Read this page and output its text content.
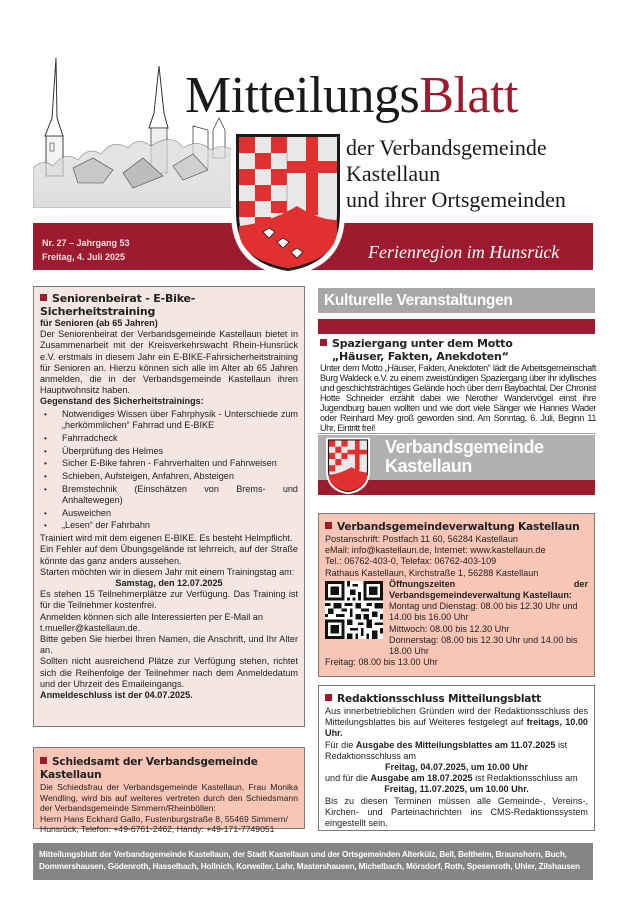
MitteilungsBlatt
der Verbandsgemeinde
Kastellaun
und ihrer Ortsgemeinden
Nr. 27 – Jahrgang 53
Freitag, 4. Juli 2025	Ferienregion im Hunsrück
Seniorenbeirat - E-Bike-Sicherheitstraining

für Senioren (ab 65 Jahren)

Der Seniorenbeirat der Verbandsgemeinde Kastellaun bietet in Zusammenarbeit mit der Kreisverkehrswacht Rhein-Hunsrück e.V. erstmals in diesem Jahr ein E-BIKE-Fahrsicherheitstraining für Senioren an. Hierzu können sich alle im Alter ab 65 Jahren anmelden, die in der Verbandsgemeinde Kastellaun ihren Hauptwohnsitz haben.

Gegenstand des Sicherheitstrainings:

• Notwendiges Wissen über Fahrphysik - Unterschiede zum „herkömmlichen“ Fahrrad und E-BIKE
• Fahrradcheck
• Überprüfung des Helmes
• Sicher E-Bike fahren - Fahrverhalten und Fahrweisen
• Schieben, Aufsteigen, Anfahren, Absteigen
• Bremstechnik (Einschätzen von Brems- und Anhaltewegen)
• Ausweichen
• „Lesen“ der Fahrbahn

Trainiert wird mit dem eigenen E-BIKE. Es besteht Helmpflicht.

Ein Fehler auf dem Übungsgelände ist lehrreich, auf der Straße könnte das ganz anders aussehen.

Starten möchten wir in diesem Jahr mit einem Trainingstag am:

Samstag, den 12.07.2025

Es stehen 15 Teilnehmerplätze zur Verfügung. Das Training ist für die Teilnehmer kostenfrei.

Anmelden können sich alle Interessierten per E-Mail an t.mueller@kastellaun.de.

Bitte geben Sie hierbei Ihren Namen, die Anschrift, und Ihr Alter an.

Sollten nicht ausreichend Plätze zur Verfügung stehen, richtet sich die Reihenfolge der Teilnehmer nach dem Anmeldedatum und der Uhrzeit des Emaileingangs.

Anmeldeschluss ist der 04.07.2025.

Schiedsamt der Verbandsgemeinde Kastellaun

Die Schiedsfrau der Verbandsgemeinde Kastellaun, Frau Monika Wendling, wird bis auf weiteres vertreten durch den Schiedsmann der Verbandsgemeinde Simmern/Rheinböllen:

Herrn Hans Eckhard Gallo, Fustenburgstraße 8, 55469 Simmern/ Hunsrück, Telefon: +49-6761-2462, Handy: +49-171-7749051

Verbandsgemeinde
Kastellaun
Kulturelle Veranstaltungen
Spaziergang unter dem Motto
„Häuser, Fakten, Anekdoten“

Unter dem Motto „Häuser, Fakten, Anekdoten“ lädt die Arbeitsgemeinschaft Burg Waldeck e.V. zu einem zweistündigen Spaziergang über ihr idyllisches und geschichtsträchtiges Gelände hoch über dem Baybachtal. Der Chronist Hotte Schneider erzählt dabei wie Nerother Wandervögel einst ihre Jugendburg bauen wollten und wie dort viele Sänger wie Hannes Wader oder Reinhard Mey groß geworden sind. Am Sonntag, 6. Juli, Beginn 11 Uhr, Eintritt frei!

Verbandsgemeindeverwaltung Kastellaun

Postanschrift: Postfach 11 60, 56284 Kastellaun

eMail: info@kastellaun.de, Internet: www.kastellaun.de

Tel.: 06762-403-0, Telefax: 06762-403-109

Rathaus Kastellaun, Kirchstraße 1, 56288 Kastellaun

Öffnungszeiten der Verbandsgemeindeverwaltung Kastellaun:

Montag und Dienstag: 08.00 bis 12.30 Uhr und 14.00 bis 16.00 Uhr

Mittwoch: 08.00 bis 12.30 Uhr

Donnerstag: 08.00 bis 12.30 Uhr und 14.00 bis 18.00 Uhr

Freitag: 08.00 bis 13.00 Uhr

Redaktionsschluss Mitteilungsblatt

Aus innerbetrieblichen Gründen wird der Redaktionsschluss des Mitteilungsblattes bis auf Weiteres festgelegt auf freitags, 10.00 Uhr.

Für die Ausgabe des Mitteilungsblattes am 11.07.2025 ist Redaktionsschluss am

Freitag, 04.07.2025, um 10.00 Uhr

und für die Ausgabe am 18.07.2025 ist Redaktionsschluss am

Freitag, 11.07.2025, um 10.00 Uhr.

Bis zu diesen Terminen müssen alle Gemeinde-, Vereins-, Kirchen- und Parteinachrichten ins CMS-Redaktionssystem eingestellt sein.

Mitteilungsblatt der Verbandsgemeinde Kastellaun, der Stadt Kastellaun und der Ortsgemeinden Alterkülz, Bell, Beltheim, Braunshorn, Buch, Dommershausen, Gödenroth, Hasselbach, Hollnich, Korweiler, Lahr, Mastershausen, Michelbach, Mörsdorf, Roth, Spesenroth, Uhler, Zilshausen
